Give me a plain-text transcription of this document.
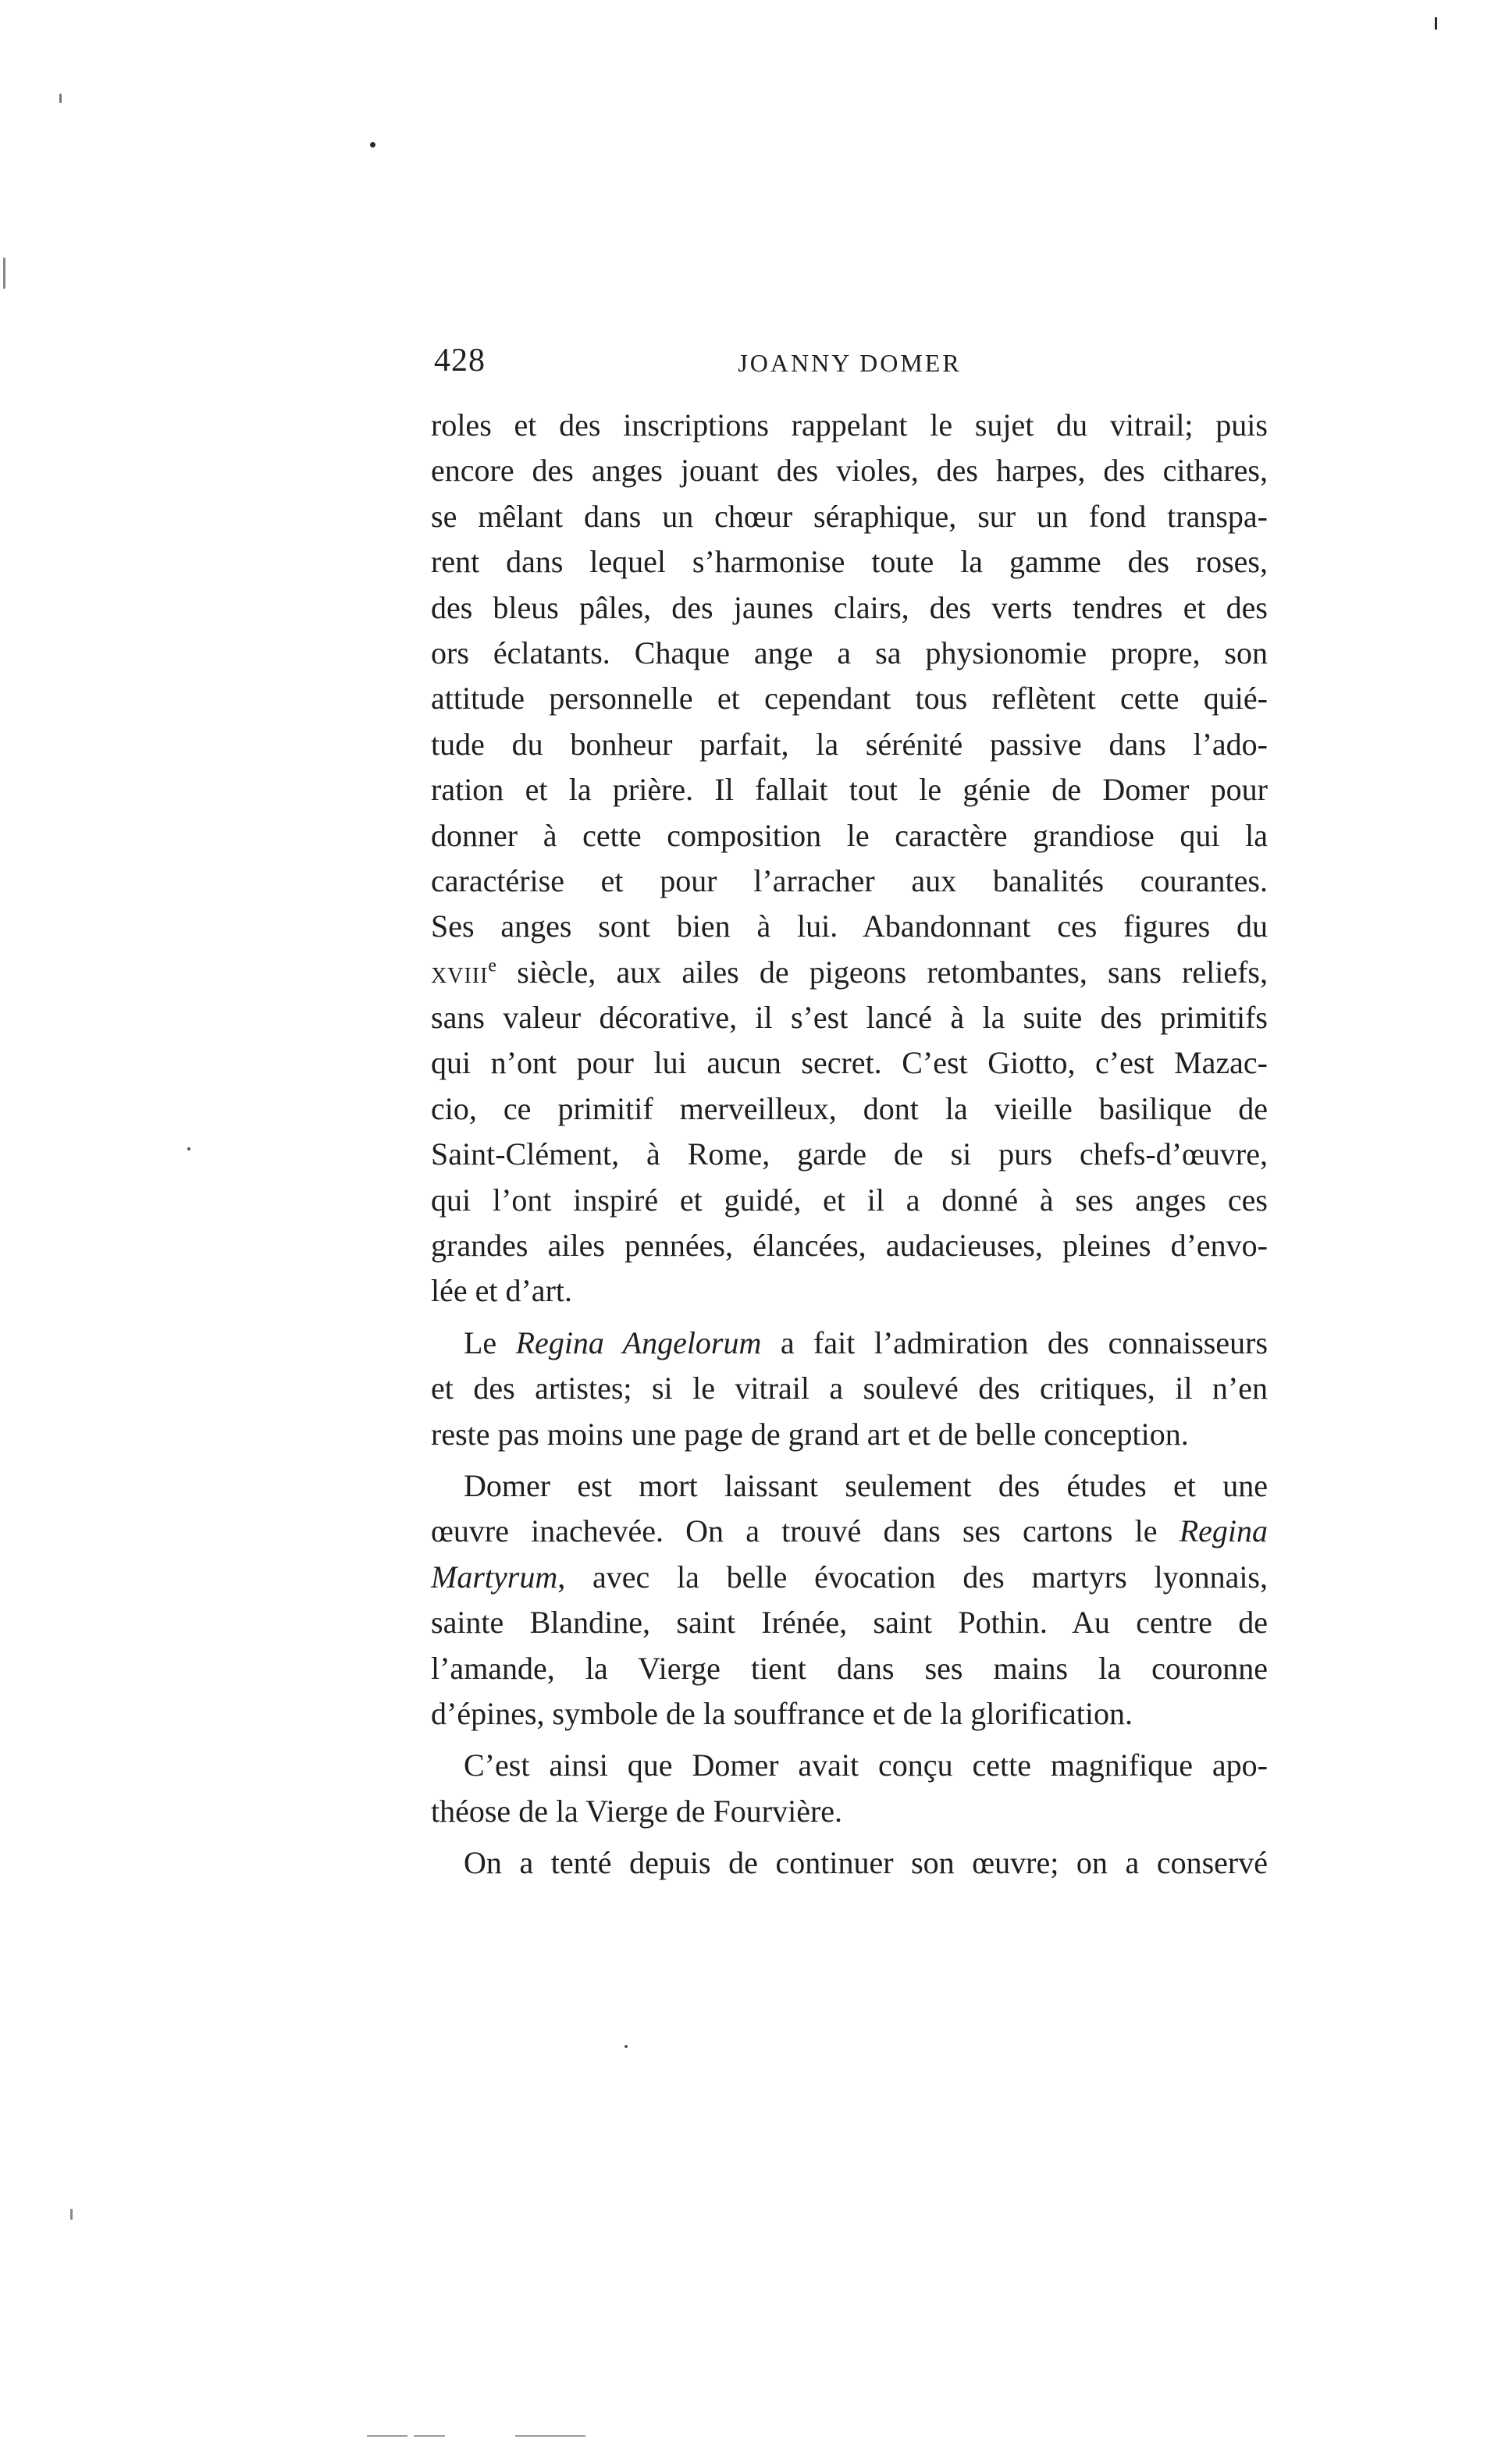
428	JOANNY DOMER
roles et des inscriptions rappelant le sujet du vitrail; puis
encore des anges jouant des violes, des harpes, des cithares,
se mêlant dans un chœur séraphique, sur un fond transpa-
rent dans lequel s’harmonise toute la gamme des roses,
des bleus pâles, des jaunes clairs, des verts tendres et des
ors éclatants. Chaque ange a sa physionomie propre, son
attitude personnelle et cependant tous reflètent cette quié-
tude du bonheur parfait, la sérénité passive dans l’ado-
ration et la prière. Il fallait tout le génie de Domer pour
donner à cette composition le caractère grandiose qui la
caractérise et pour l’arracher aux banalités courantes.
Ses anges sont bien à lui. Abandonnant ces figures du
xviii$^e$ siècle, aux ailes de pigeons retombantes, sans reliefs,
sans valeur décorative, il s’est lancé à la suite des primitifs
qui n’ont pour lui aucun secret. C’est Giotto, c’est Mazac-
cio, ce primitif merveilleux, dont la vieille basilique de
Saint-Clément, à Rome, garde de si purs chefs-d’œuvre,
qui l’ont inspiré et guidé, et il a donné à ses anges ces
grandes ailes pennées, élancées, audacieuses, pleines d’envo-
lée et d’art.
Le Regina Angelorum a fait l’admiration des connaisseurs
et des artistes; si le vitrail a soulevé des critiques, il n’en
reste pas moins une page de grand art et de belle conception.
Domer est mort laissant seulement des études et une
œuvre inachevée. On a trouvé dans ses cartons le Regina
Martyrum, avec la belle évocation des martyrs lyonnais,
sainte Blandine, saint Irénée, saint Pothin. Au centre de
l’amande, la Vierge tient dans ses mains la couronne
d’épines, symbole de la souffrance et de la glorification.
C’est ainsi que Domer avait conçu cette magnifique apo-
théose de la Vierge de Fourvière.
On a tenté depuis de continuer son œuvre; on a conservé
